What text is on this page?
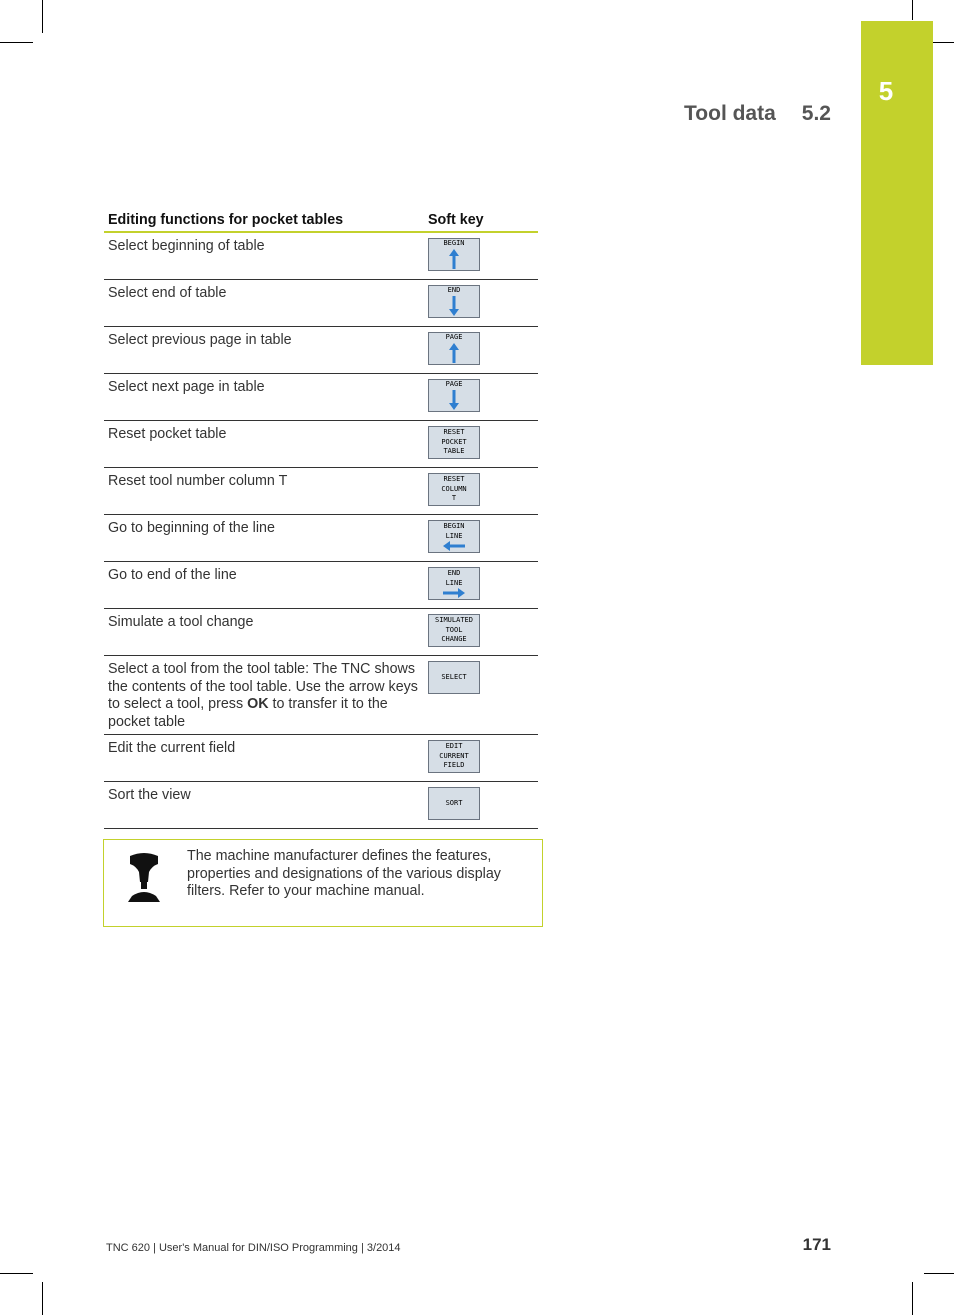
5
Tool data 5.2
Editing functions for pocket tables	Soft key
Select beginning of table	BEGIN

Select end of table	END

Select previous page in table	PAGE

Select next page in table	PAGE

Reset pocket table	RESET
POCKET
TABLE

Reset tool number column T	RESET
COLUMN
T

Go to beginning of the line	BEGIN
LINE

Go to end of the line	END
LINE

Simulate a tool change	SIMULATED
TOOL
CHANGE

Select a tool from the tool table: The TNC shows the contents of the tool table. Use the arrow keys to select a tool, press OK to transfer it to the pocket table	SELECT

Edit the current field	EDIT
CURRENT
FIELD

Sort the view	SORT
The machine manufacturer defines the features, properties and designations of the various display filters. Refer to your machine manual.
TNC 620 | User's Manual for DIN/ISO Programming | 3/2014	171
